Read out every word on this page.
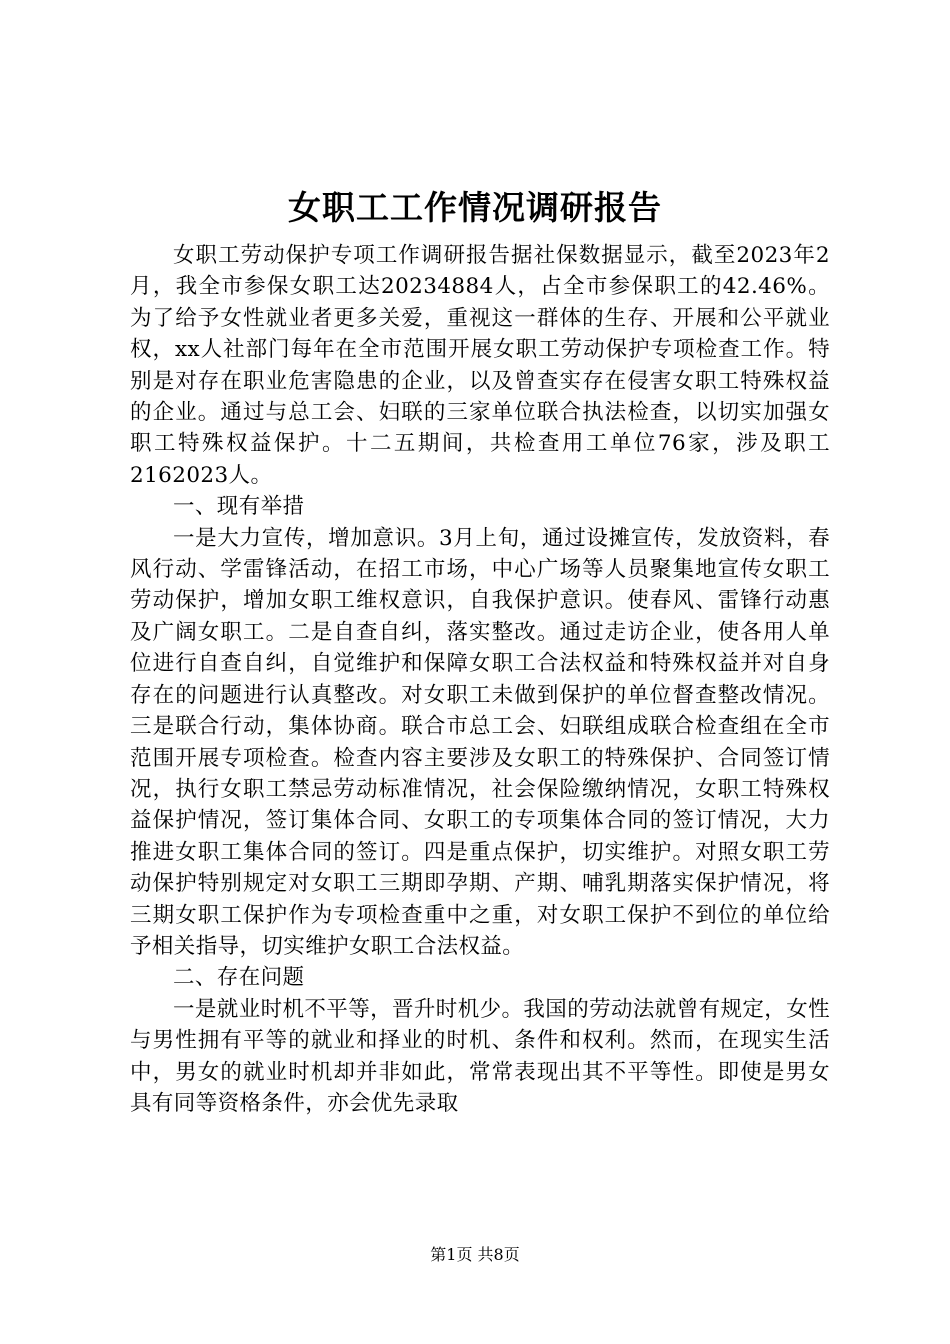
女职工工作情况调研报告

女职工劳动保护专项工作调研报告据社保数据显示，截至2023年2月，我全市参保女职工达20234884人，占全市参保职工的42.46%。为了给予女性就业者更多关爱，重视这一群体的生存、开展和公平就业权，xx人社部门每年在全市范围开展女职工劳动保护专项检查工作。特别是对存在职业危害隐患的企业，以及曾查实存在侵害女职工特殊权益的企业。通过与总工会、妇联的三家单位联合执法检查，以切实加强女职工特殊权益保护。十二五期间，共检查用工单位76家，涉及职工2162023人。

一、现有举措

一是大力宣传，增加意识。3月上旬，通过设摊宣传，发放资料，春风行动、学雷锋活动，在招工市场，中心广场等人员聚集地宣传女职工劳动保护，增加女职工维权意识，自我保护意识。使春风、雷锋行动惠及广阔女职工。二是自查自纠，落实整改。通过走访企业，使各用人单位进行自查自纠，自觉维护和保障女职工合法权益和特殊权益并对自身存在的问题进行认真整改。对女职工未做到保护的单位督查整改情况。三是联合行动，集体协商。联合市总工会、妇联组成联合检查组在全市范围开展专项检查。检查内容主要涉及女职工的特殊保护、合同签订情况，执行女职工禁忌劳动标准情况，社会保险缴纳情况，女职工特殊权益保护情况，签订集体合同、女职工的专项集体合同的签订情况，大力推进女职工集体合同的签订。四是重点保护，切实维护。对照女职工劳动保护特别规定对女职工三期即孕期、产期、哺乳期落实保护情况，将三期女职工保护作为专项检查重中之重，对女职工保护不到位的单位给予相关指导，切实维护女职工合法权益。

二、存在问题

一是就业时机不平等，晋升时机少。我国的劳动法就曾有规定，女性与男性拥有平等的就业和择业的时机、条件和权利。然而，在现实生活中，男女的就业时机却并非如此，常常表现出其不平等性。即使是男女具有同等资格条件，亦会优先录取

第1页 共8页
